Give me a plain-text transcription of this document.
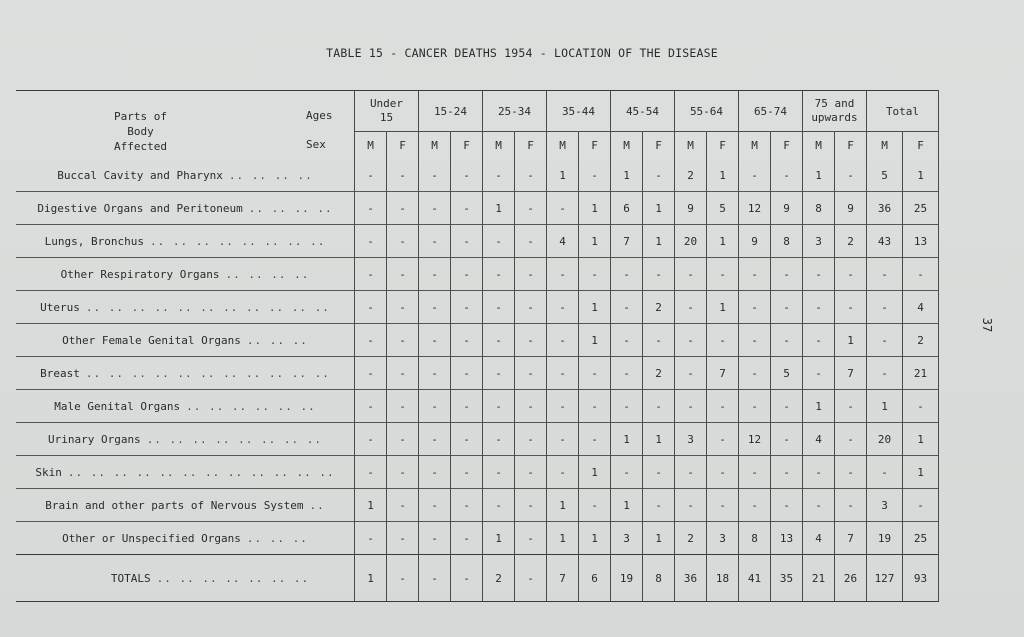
TABLE 15 - CANCER DEATHS 1954 - LOCATION OF THE DISEASE
37
Parts of
Body
Affected
Ages
Sex	Under 15		15-24		25-34		35-44		45-54		55-64		65-74		75 and upwards		Total	
	M	F	M	F	M	F	M	F	M	F	M	F	M	F	M	F	M	F
Buccal Cavity and Pharynx .. .. .. ..	-	-	-	-	-	-	1	-	1	-	2	1	-	-	1	-	5	1
Digestive Organs and Peritoneum .. .. .. ..	-	-	-	-	1	-	-	1	6	1	9	5	12	9	8	9	36	25
Lungs, Bronchus .. .. .. .. .. .. .. ..	-	-	-	-	-	-	4	1	7	1	20	1	9	8	3	2	43	13
Other Respiratory Organs .. .. .. ..	-	-	-	-	-	-	-	-	-	-	-	-	-	-	-	-	-	-
Uterus .. .. .. .. .. .. .. .. .. .. ..	-	-	-	-	-	-	-	1	-	2	-	1	-	-	-	-	-	4
Other Female Genital Organs .. .. ..	-	-	-	-	-	-	-	1	-	-	-	-	-	-	-	1	-	2
Breast .. .. .. .. .. .. .. .. .. .. ..	-	-	-	-	-	-	-	-	-	2	-	7	-	5	-	7	-	21
Male Genital Organs .. .. .. .. .. ..	-	-	-	-	-	-	-	-	-	-	-	-	-	-	1	-	1	-
Urinary Organs .. .. .. .. .. .. .. ..	-	-	-	-	-	-	-	-	1	1	3	-	12	-	4	-	20	1
Skin .. .. .. .. .. .. .. .. .. .. .. ..	-	-	-	-	-	-	-	1	-	-	-	-	-	-	-	-	-	1
Brain and other parts of Nervous System ..	1	-	-	-	-	-	1	-	1	-	-	-	-	-	-	-	3	-
Other or Unspecified Organs .. .. ..	-	-	-	-	1	-	1	1	3	1	2	3	8	13	4	7	19	25
TOTALS .. .. .. .. .. .. ..	1	-	-	-	2	-	7	6	19	8	36	18	41	35	21	26	127	93
